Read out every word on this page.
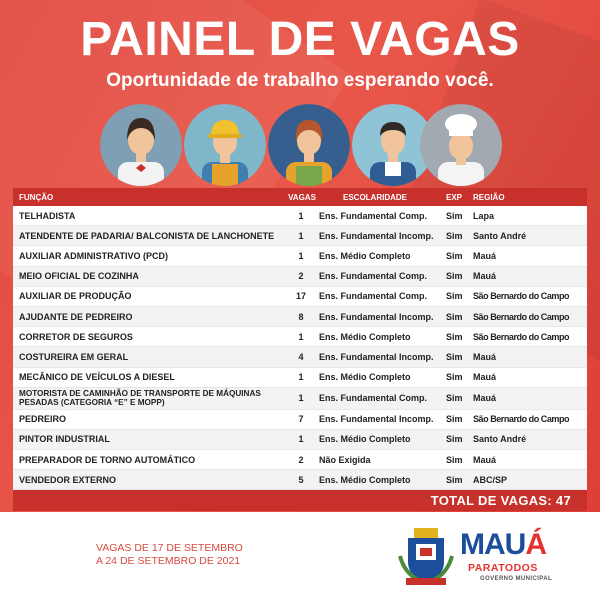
PAINEL DE VAGAS
Oportunidade de trabalho esperando você.
FUNÇÃO	VAGAS	ESCOLARIDADE	EXP	REGIÃO
TELHADISTA	1	Ens. Fundamental Comp.	Sim	Lapa
ATENDENTE DE PADARIA/ BALCONISTA DE LANCHONETE	1	Ens. Fundamental Incomp.	Sim	Santo André
AUXILIAR ADMINISTRATIVO (PCD)	1	Ens. Médio Completo	Sim	Mauá
MEIO OFICIAL DE COZINHA	2	Ens. Fundamental Comp.	Sim	Mauá
AUXILIAR DE PRODUÇÃO	17	Ens. Fundamental Comp.	Sim	São Bernardo do Campo
AJUDANTE DE PEDREIRO	8	Ens. Fundamental Incomp.	Sim	São Bernardo do Campo
CORRETOR DE SEGUROS	1	Ens. Médio Completo	Sim	São Bernardo do Campo
COSTUREIRA EM GERAL	4	Ens. Fundamental Incomp.	Sim	Mauá
MECÂNICO DE VEÍCULOS A DIESEL	1	Ens. Médio Completo	Sim	Mauá
MOTORISTA DE CAMINHÃO DE TRANSPORTE DE MÁQUINAS PESADAS (CATEGORIA “E” E MOPP)	1	Ens. Fundamental Comp.	Sim	Mauá
PEDREIRO	7	Ens. Fundamental Incomp.	Sim	São Bernardo do Campo
PINTOR INDUSTRIAL	1	Ens. Médio Completo	Sim	Santo André
PREPARADOR DE TORNO AUTOMÁTICO	2	Não Exigida	Sim	Mauá
VENDEDOR EXTERNO	5	Ens. Médio Completo	Sim	ABC/SP
TOTAL DE VAGAS: 47
VAGAS DE 17 DE SETEMBRO
A 24 DE SETEMBRO DE 2021	MAUÁ
PARATODOS
GOVERNO MUNICIPAL
